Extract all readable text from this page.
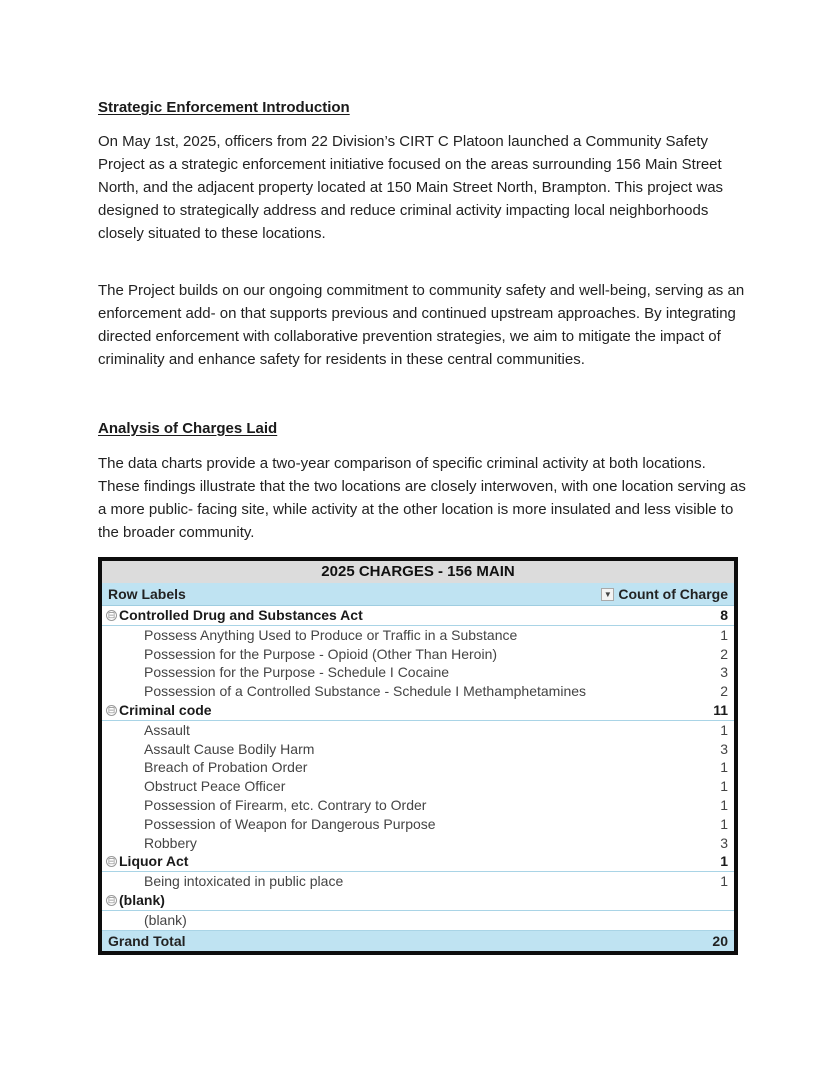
Strategic Enforcement Introduction

On May 1st, 2025, officers from 22 Division’s CIRT C Platoon launched a Community Safety Project as a strategic enforcement initiative focused on the areas surrounding 156 Main Street North, and the adjacent property located at 150 Main Street North, Brampton. This project was designed to strategically address and reduce criminal activity impacting local neighborhoods closely situated to these locations.

The Project builds on our ongoing commitment to community safety and well-being, serving as an enforcement add- on that supports previous and continued upstream approaches. By integrating directed enforcement with collaborative prevention strategies, we aim to mitigate the impact of criminality and enhance safety for residents in these central communities.

Analysis of Charges Laid

The data charts provide a two-year comparison of specific criminal activity at both locations. These findings illustrate that the two locations are closely interwoven, with one location serving as a more public- facing site, while activity at the other location is more insulated and less visible to the broader community.

2025 CHARGES - 156 MAIN
Row Labels	▼ Count of Charge
⊟ Controlled Drug and Substances Act	8
Possess Anything Used to Produce or Traffic in a Substance	1
Possession for the Purpose - Opioid (Other Than Heroin)	2
Possession for the Purpose - Schedule I Cocaine	3
Possession of a Controlled Substance - Schedule I Methamphetamines	2
⊟ Criminal code	11
Assault	1
Assault Cause Bodily Harm	3
Breach of Probation Order	1
Obstruct Peace Officer	1
Possession of Firearm, etc. Contrary to Order	1
Possession of Weapon for Dangerous Purpose	1
Robbery	3
⊟ Liquor Act	1
Being intoxicated in public place	1
⊟ (blank)
(blank)
Grand Total	20
